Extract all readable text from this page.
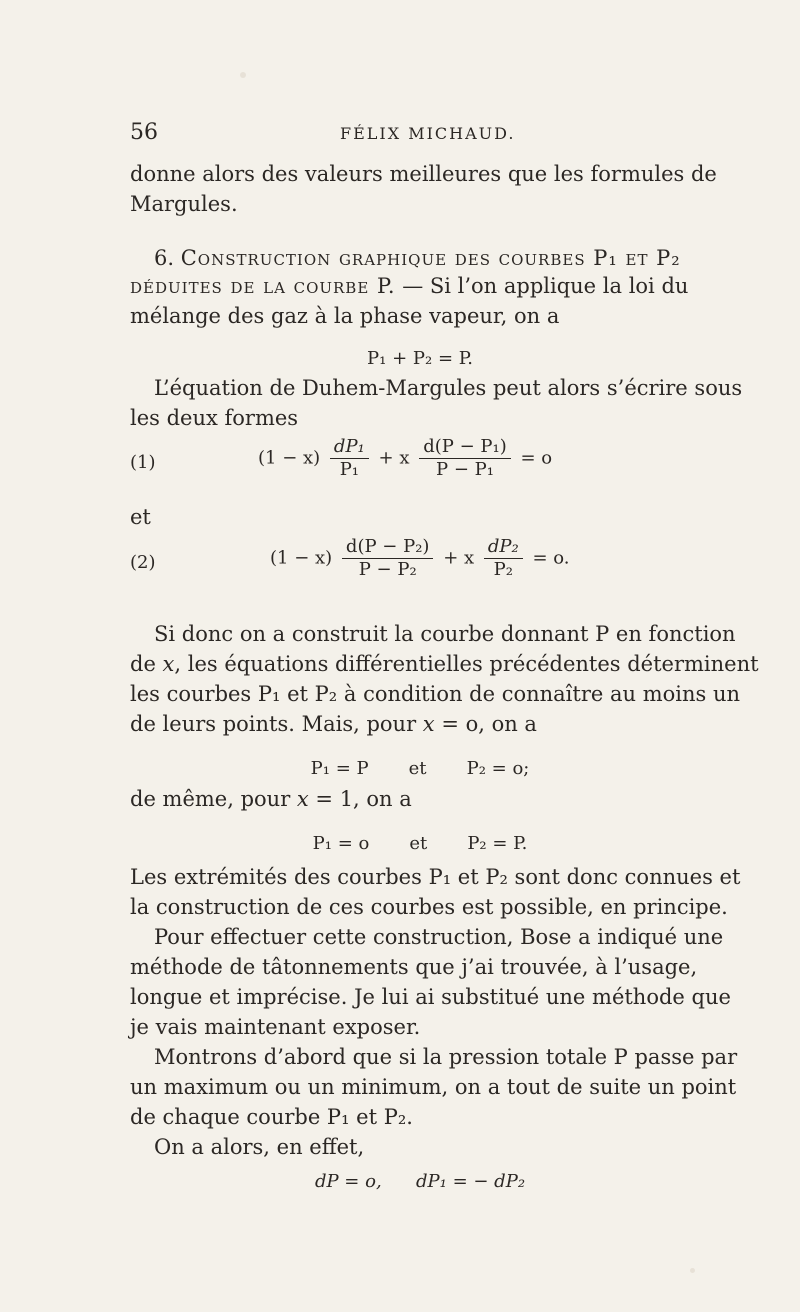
56	FÉLIX MICHAUD.
donne alors des valeurs meilleures que les formules de
Margules.
6. Construction graphique des courbes P₁ et P₂
déduites de la courbe P. — Si l’on applique la loi du
mélange des gaz à la phase vapeur, on a
P₁ + P₂ = P.
L’équation de Duhem-Margules peut alors s’écrire sous
les deux formes
(1)	$(1 - x) \frac{\text{dP₁}}{\text{P₁}} + x \frac{\text{d(P − P₁)}}{\text{P − P₁}} = o$
et
(2)	$(1 - x) \frac{\text{d(P − P₂)}}{\text{P − P₂}} + x \frac{\text{dP₂}}{\text{P₂}} = o$.
Si donc on a construit la courbe donnant P en fonction
de x, les équations différentielles précédentes déterminent
les courbes P₁ et P₂ à condition de connaître au moins un
de leurs points. Mais, pour x = o, on a
P₁ = P       et       P₂ = o;
de même, pour x = 1, on a
P₁ = o       et       P₂ = P.
Les extrémités des courbes P₁ et P₂ sont donc connues et
la construction de ces courbes est possible, en principe.
Pour effectuer cette construction, Bose a indiqué une
méthode de tâtonnements que j’ai trouvée, à l’usage,
longue et imprécise. Je lui ai substitué une méthode que
je vais maintenant exposer.
Montrons d’abord que si la pression totale P passe par
un maximum ou un minimum, on a tout de suite un point
de chaque courbe P₁ et P₂.
On a alors, en effet,
dP = o,      dP₁ = − dP₂
